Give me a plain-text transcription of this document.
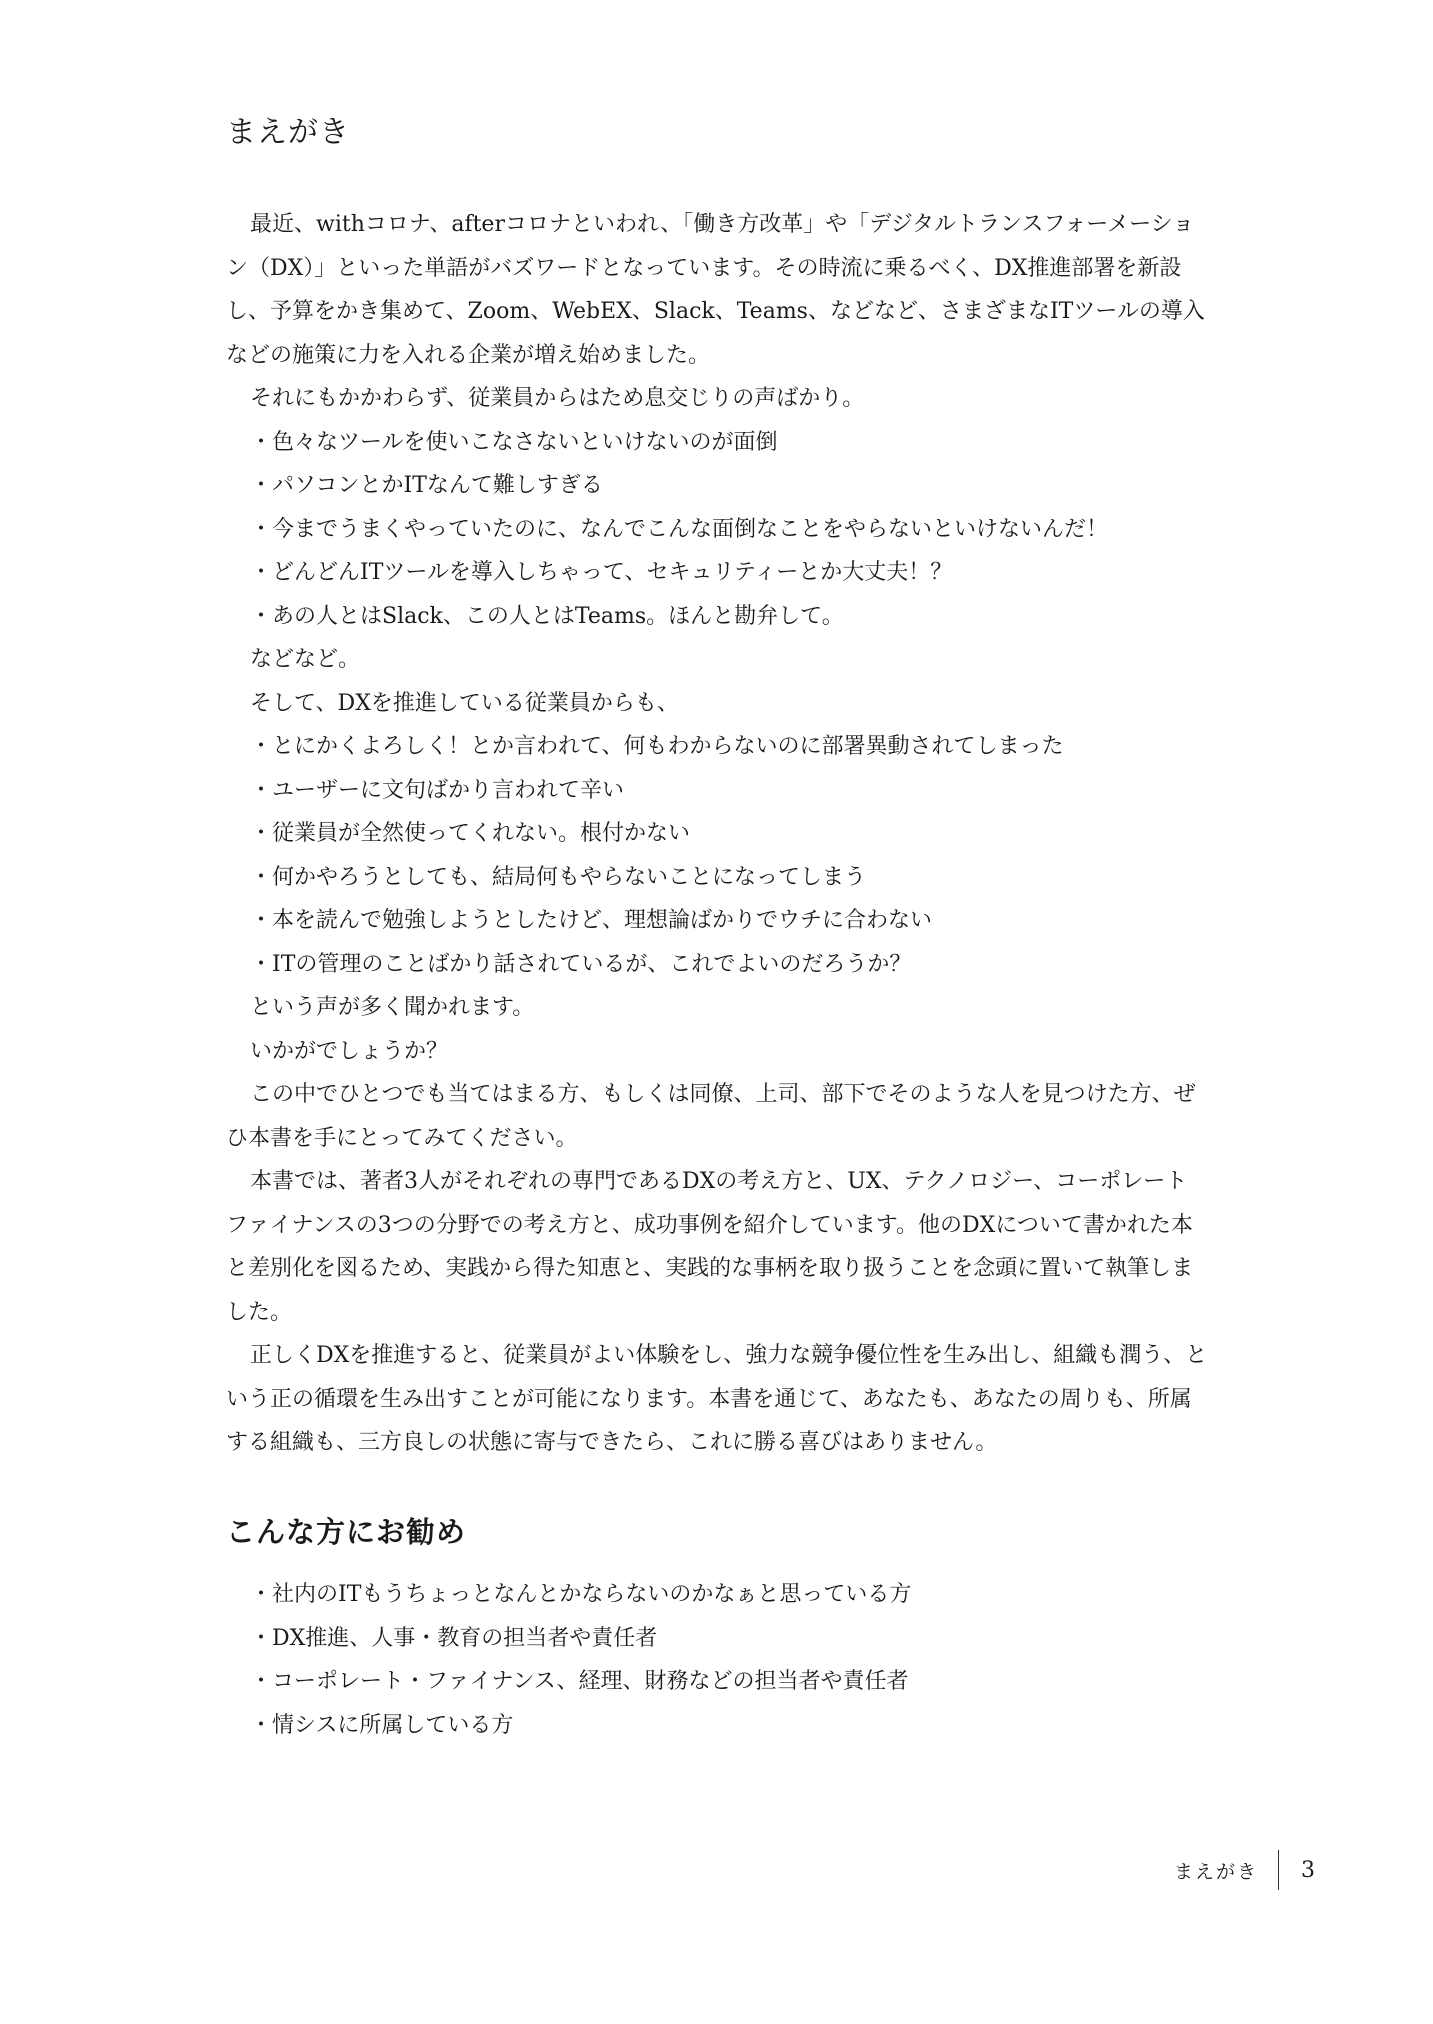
まえがき
最近、withコロナ、afterコロナといわれ、「働き方改革」や「デジタルトランスフォーメーショ
ン（DX）」といった単語がバズワードとなっています。その時流に乗るべく、DX推進部署を新設
し、予算をかき集めて、Zoom、WebEX、Slack、Teams、などなど、さまざまなITツールの導入
などの施策に力を入れる企業が増え始めました。
それにもかかわらず、従業員からはため息交じりの声ばかり。
・色々なツールを使いこなさないといけないのが面倒
・パソコンとかITなんて難しすぎる
・今までうまくやっていたのに、なんでこんな面倒なことをやらないといけないんだ！
・どんどんITツールを導入しちゃって、セキュリティーとか大丈夫！？
・あの人とはSlack、この人とはTeams。ほんと勘弁して。
などなど。
そして、DXを推進している従業員からも、
・とにかくよろしく！とか言われて、何もわからないのに部署異動されてしまった
・ユーザーに文句ばかり言われて辛い
・従業員が全然使ってくれない。根付かない
・何かやろうとしても、結局何もやらないことになってしまう
・本を読んで勉強しようとしたけど、理想論ばかりでウチに合わない
・ITの管理のことばかり話されているが、これでよいのだろうか？
という声が多く聞かれます。
いかがでしょうか？
この中でひとつでも当てはまる方、もしくは同僚、上司、部下でそのような人を見つけた方、ぜ
ひ本書を手にとってみてください。
本書では、著者3人がそれぞれの専門であるDXの考え方と、UX、テクノロジー、コーポレート
ファイナンスの3つの分野での考え方と、成功事例を紹介しています。他のDXについて書かれた本
と差別化を図るため、実践から得た知恵と、実践的な事柄を取り扱うことを念頭に置いて執筆しま
した。
正しくDXを推進すると、従業員がよい体験をし、強力な競争優位性を生み出し、組織も潤う、と
いう正の循環を生み出すことが可能になります。本書を通じて、あなたも、あなたの周りも、所属
する組織も、三方良しの状態に寄与できたら、これに勝る喜びはありません。
こんな方にお勧め
・社内のITもうちょっとなんとかならないのかなぁと思っている方
・DX推進、人事・教育の担当者や責任者
・コーポレート・ファイナンス、経理、財務などの担当者や責任者
・情シスに所属している方
まえがき	3
